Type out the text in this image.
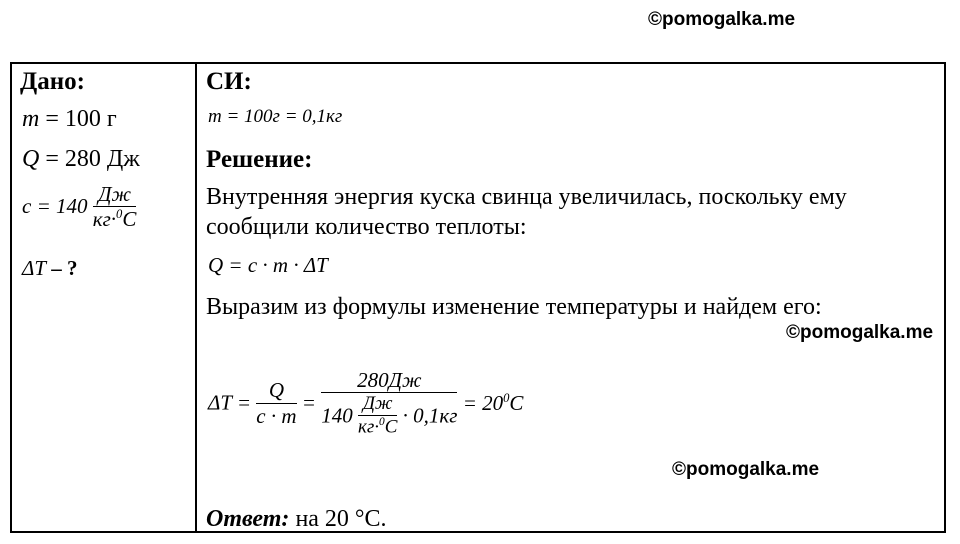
©pomogalka.me
©pomogalka.me
©pomogalka.me
Дано:
m = 100 г
Q = 280 Дж
$c = 140 \frac{Дж}{кг\cdot^0C}$
ΔT – ?
СИ:
m = 100г = 0,1кг
Решение:
Внутренняя энергия куска свинца увеличилась, поскольку ему
сообщили количество теплоты:
Q = c · m · ΔT
Выразим из формулы изменение температуры и найдем его:
$\Delta T = \frac{Q}{c \cdot m}$ =
280Дж
$140 \frac{Дж}{кг\cdot^0C} \cdot 0,1кг$
= $20^0C$
Ответ: на 20 °С.
